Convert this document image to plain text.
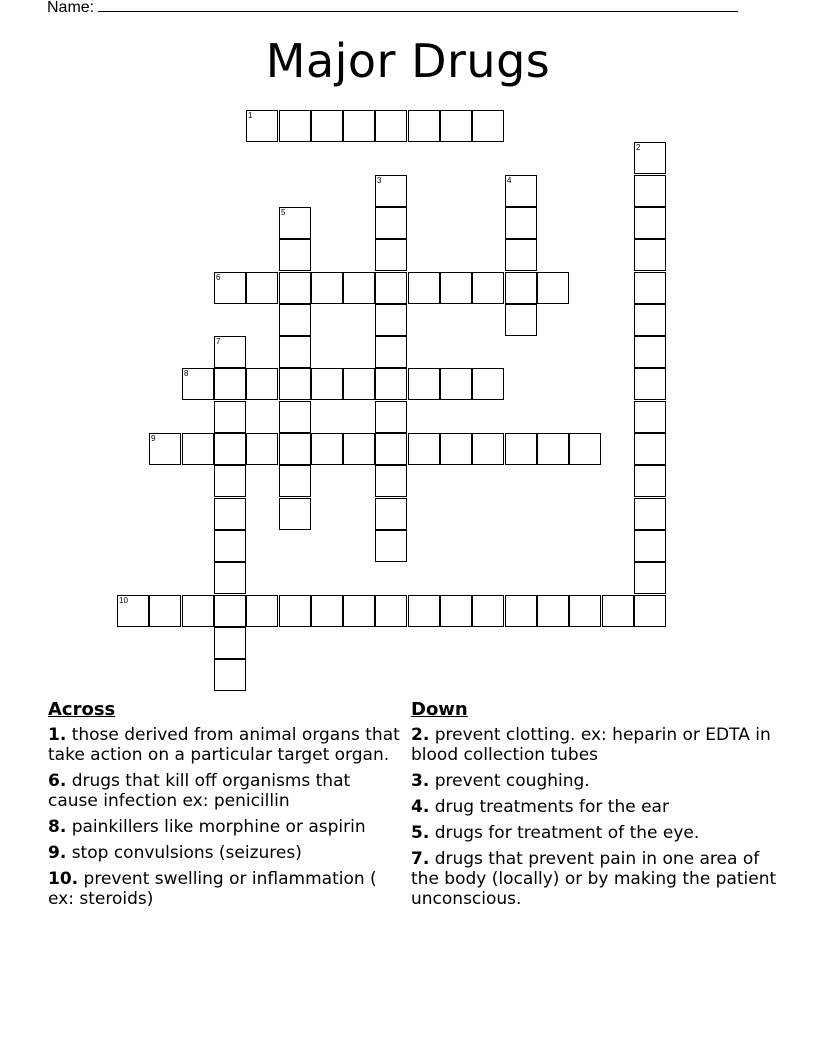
Name:
Major Drugs
1
2
3	4
5
6
7
8
9
10
Across
1. those derived from animal organs that take action on a particular target organ.
6. drugs that kill off organisms that cause infection ex: penicillin
8. painkillers like morphine or aspirin
9. stop convulsions (seizures)
10. prevent swelling or inflammation ( ex: steroids)
Down
2. prevent clotting. ex: heparin or EDTA in blood collection tubes
3. prevent coughing.
4. drug treatments for the ear
5. drugs for treatment of the eye.
7. drugs that prevent pain in one area of the body (locally) or by making the patient unconscious.
